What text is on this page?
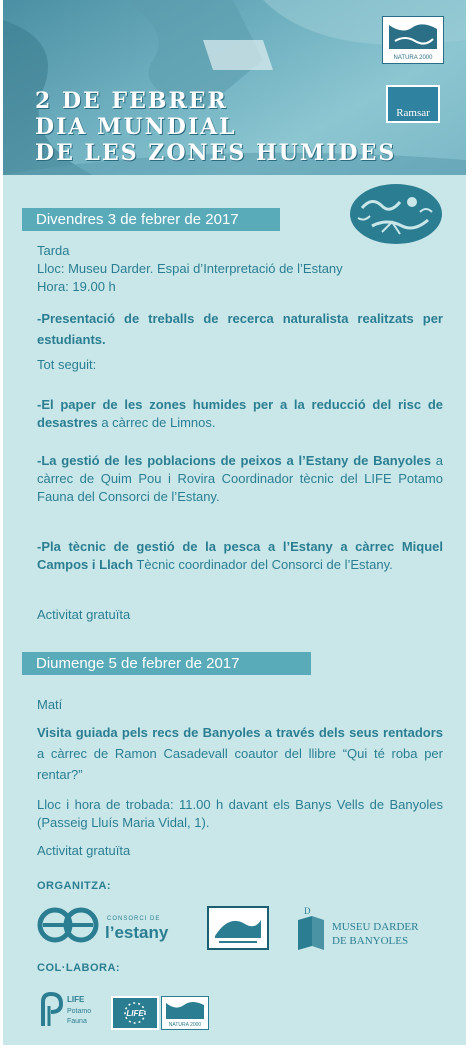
NATURA 2000
Ramsar
2 DE FEBRER
DIA MUNDIAL
DE LES ZONES HUMIDES
Divendres 3 de febrer de 2017
Tarda
Lloc: Museu Darder. Espai d’Interpretació de l’Estany
Hora: 19.00 h
-Presentació de treballs de recerca naturalista realitzats per estudiants.
Tot seguit:
-El paper de les zones humides per a la reducció del risc de desastres a càrrec de Limnos.
-La gestió de les poblacions de peixos a l’Estany de Banyoles a càrrec de Quim Pou i Rovira Coordinador tècnic del LIFE Potamo Fauna del Consorci de l’Estany.
-Pla tècnic de gestió de la pesca a l’Estany a càrrec Miquel Campos i Llach Tècnic coordinador del Consorci de l’Estany.
Activitat gratuïta
Diumenge 5 de febrer de 2017
Matí
Visita guiada pels recs de Banyoles a través dels seus rentadors a càrrec de Ramon Casadevall coautor del llibre “Qui té roba per rentar?”
Lloc i hora de trobada: 11.00 h davant els Banys Vells de Banyoles (Passeig Lluís Maria Vidal, 1).
Activitat gratuïta
ORGANITZA:
CONSORCI DE
l’estany
D
MUSEU DARDER
DE BANYOLES
COL·LABORA:
LIFE
Potamo
Fauna
LIFE
NATURA 2000
